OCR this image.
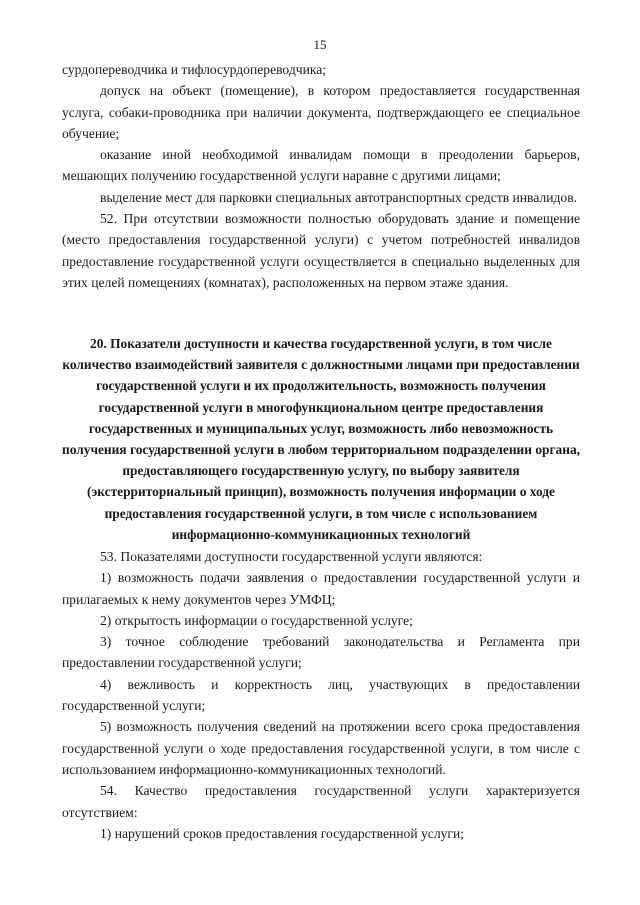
15

сурдопереводчика и тифлосурдопереводчика;

допуск на объект (помещение), в котором предоставляется государственная услуга, собаки-проводника при наличии документа, подтверждающего ее специальное обучение;

оказание иной необходимой инвалидам помощи в преодолении барьеров, мешающих получению государственной услуги наравне с другими лицами;

выделение мест для парковки специальных автотранспортных средств инвалидов.

52. При отсутствии возможности полностью оборудовать здание и помещение (место предоставления государственной услуги) с учетом потребностей инвалидов предоставление государственной услуги осуществляется в специально выделенных для этих целей помещениях (комнатах), расположенных на первом этаже здания.

20. Показатели доступности и качества государственной услуги, в том числе количество взаимодействий заявителя с должностными лицами при предоставлении государственной услуги и их продолжительность, возможность получения государственной услуги в многофункциональном центре предоставления государственных и муниципальных услуг, возможность либо невозможность получения государственной услуги в любом территориальном подразделении органа, предоставляющего государственную услугу, по выбору заявителя (экстерриториальный принцип), возможность получения информации о ходе предоставления государственной услуги, в том числе с использованием информационно-коммуникационных технологий

53. Показателями доступности государственной услуги являются:

1) возможность подачи заявления о предоставлении государственной услуги и прилагаемых к нему документов через УМФЦ;

2) открытость информации о государственной услуге;

3) точное соблюдение требований законодательства и Регламента при предоставлении государственной услуги;

4) вежливость и корректность лиц, участвующих в предоставлении государственной услуги;

5) возможность получения сведений на протяжении всего срока предоставления государственной услуги о ходе предоставления государственной услуги, в том числе с использованием информационно-коммуникационных технологий.

54. Качество предоставления государственной услуги характеризуется отсутствием:

1) нарушений сроков предоставления государственной услуги;
